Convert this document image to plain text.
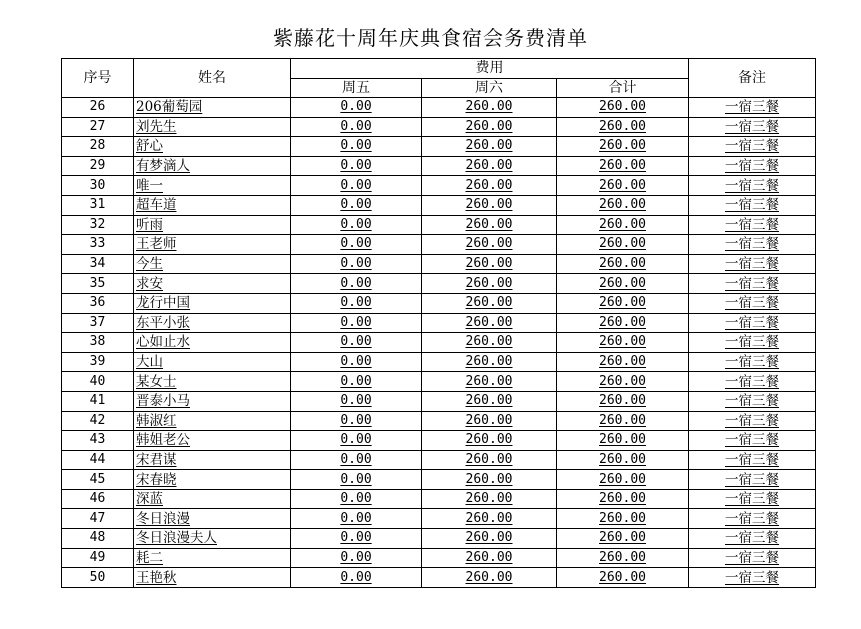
紫藤花十周年庆典食宿会务费清单
序号	姓名	费用			备注
		周五	周六	合计	
26	206葡萄园	0.00	260.00	260.00	一宿三餐
27	刘先生	0.00	260.00	260.00	一宿三餐
28	舒心	0.00	260.00	260.00	一宿三餐
29	有梦滴人	0.00	260.00	260.00	一宿三餐
30	唯一	0.00	260.00	260.00	一宿三餐
31	超车道	0.00	260.00	260.00	一宿三餐
32	听雨	0.00	260.00	260.00	一宿三餐
33	王老师	0.00	260.00	260.00	一宿三餐
34	今生	0.00	260.00	260.00	一宿三餐
35	求安	0.00	260.00	260.00	一宿三餐
36	龙行中国	0.00	260.00	260.00	一宿三餐
37	东平小张	0.00	260.00	260.00	一宿三餐
38	心如止水	0.00	260.00	260.00	一宿三餐
39	大山	0.00	260.00	260.00	一宿三餐
40	某女士	0.00	260.00	260.00	一宿三餐
41	晋泰小马	0.00	260.00	260.00	一宿三餐
42	韩淑红	0.00	260.00	260.00	一宿三餐
43	韩姐老公	0.00	260.00	260.00	一宿三餐
44	宋君谋	0.00	260.00	260.00	一宿三餐
45	宋春晓	0.00	260.00	260.00	一宿三餐
46	深蓝	0.00	260.00	260.00	一宿三餐
47	冬日浪漫	0.00	260.00	260.00	一宿三餐
48	冬日浪漫夫人	0.00	260.00	260.00	一宿三餐
49	耗二	0.00	260.00	260.00	一宿三餐
50	王艳秋	0.00	260.00	260.00	一宿三餐
